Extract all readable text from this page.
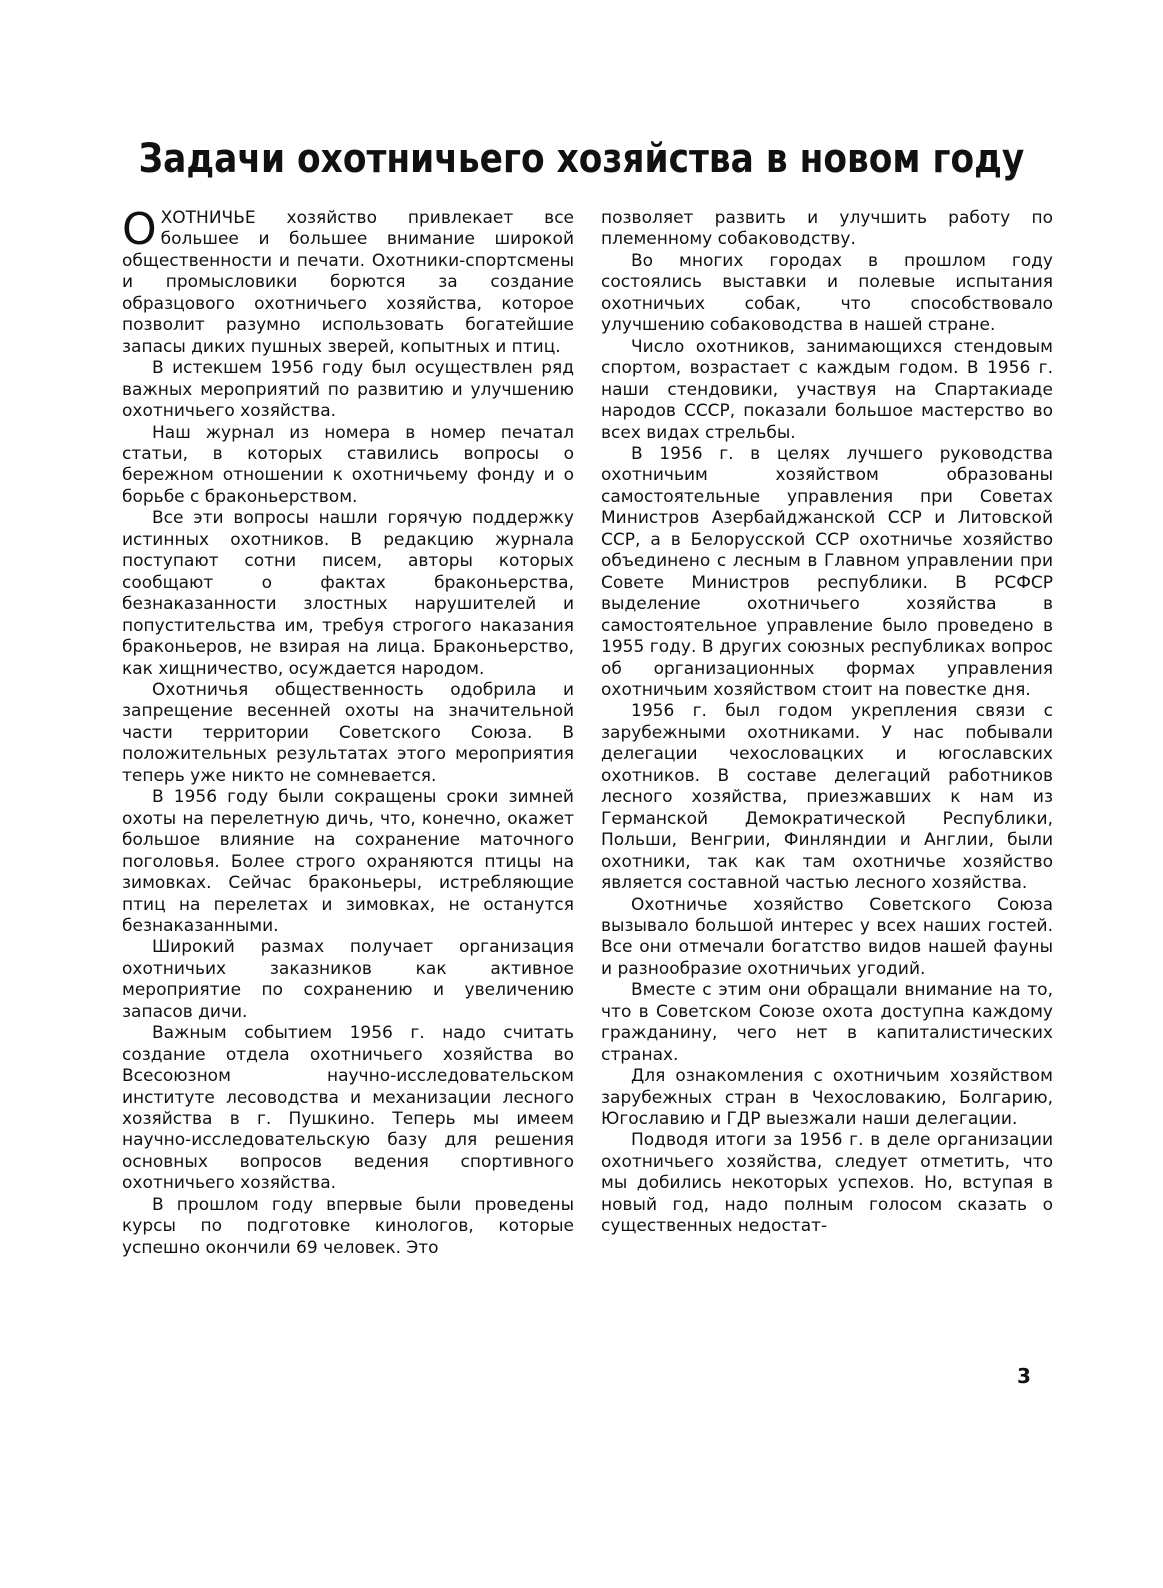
Задачи охотничьего хозяйства в новом году

ОХОТНИЧЬЕ хозяйство привлекает все большее и большее внимание широкой общественности и печати. Охотники-спортсмены и промысловики борются за создание образцового охотничьего хозяйства, которое позволит разумно использовать богатейшие запасы диких пушных зверей, копытных и птиц.

В истекшем 1956 году был осуществлен ряд важных мероприятий по развитию и улучшению охотничьего хозяйства.

Наш журнал из номера в номер печатал статьи, в которых ставились вопросы о бережном отношении к охотничьему фонду и о борьбе с браконьерством.

Все эти вопросы нашли горячую поддержку истинных охотников. В редакцию журнала поступают сотни писем, авторы которых сообщают о фактах браконьерства, безнаказанности злостных нарушителей и попустительства им, требуя строгого наказания браконьеров, не взирая на лица. Браконьерство, как хищничество, осуждается народом.

Охотничья общественность одобрила и запрещение весенней охоты на значительной части территории Советского Союза. В положительных результатах этого мероприятия теперь уже никто не сомневается.

В 1956 году были сокращены сроки зимней охоты на перелетную дичь, что, конечно, окажет большое влияние на сохранение маточного поголовья. Более строго охраняются птицы на зимовках. Сейчас браконьеры, истребляющие птиц на перелетах и зимовках, не останутся безнаказанными.

Широкий размах получает организация охотничьих заказников как активное мероприятие по сохранению и увеличению запасов дичи.

Важным событием 1956 г. надо считать создание отдела охотничьего хозяйства во Всесоюзном научно-исследовательском институте лесоводства и механизации лесного хозяйства в г. Пушкино. Теперь мы имеем научно-исследовательскую базу для решения основных вопросов ведения спортивного охотничьего хозяйства.

В прошлом году впервые были проведены курсы по подготовке кинологов, которые успешно окончили 69 человек. Это

позволяет развить и улучшить работу по племенному собаководству.

Во многих городах в прошлом году состоялись выставки и полевые испытания охотничьих собак, что способствовало улучшению собаководства в нашей стране.

Число охотников, занимающихся стендовым спортом, возрастает с каждым годом. В 1956 г. наши стендовики, участвуя на Спартакиаде народов СССР, показали большое мастерство во всех видах стрельбы.

В 1956 г. в целях лучшего руководства охотничьим хозяйством образованы самостоятельные управления при Советах Министров Азербайджанской ССР и Литовской ССР, а в Белорусской ССР охотничье хозяйство объединено с лесным в Главном управлении при Совете Министров республики. В РСФСР выделение охотничьего хозяйства в самостоятельное управление было проведено в 1955 году. В других союзных республиках вопрос об организационных формах управления охотничьим хозяйством стоит на повестке дня.

1956 г. был годом укрепления связи с зарубежными охотниками. У нас побывали делегации чехословацких и югославских охотников. В составе делегаций работников лесного хозяйства, приезжавших к нам из Германской Демократической Республики, Польши, Венгрии, Финляндии и Англии, были охотники, так как там охотничье хозяйство является составной частью лесного хозяйства.

Охотничье хозяйство Советского Союза вызывало большой интерес у всех наших гостей. Все они отмечали богатство видов нашей фауны и разнообразие охотничьих угодий.

Вместе с этим они обращали внимание на то, что в Советском Союзе охота доступна каждому гражданину, чего нет в капиталистических странах.

Для ознакомления с охотничьим хозяйством зарубежных стран в Чехословакию, Болгарию, Югославию и ГДР выезжали наши делегации.

Подводя итоги за 1956 г. в деле организации охотничьего хозяйства, следует отметить, что мы добились некоторых успехов. Но, вступая в новый год, надо полным голосом сказать о существенных недостат-

3
